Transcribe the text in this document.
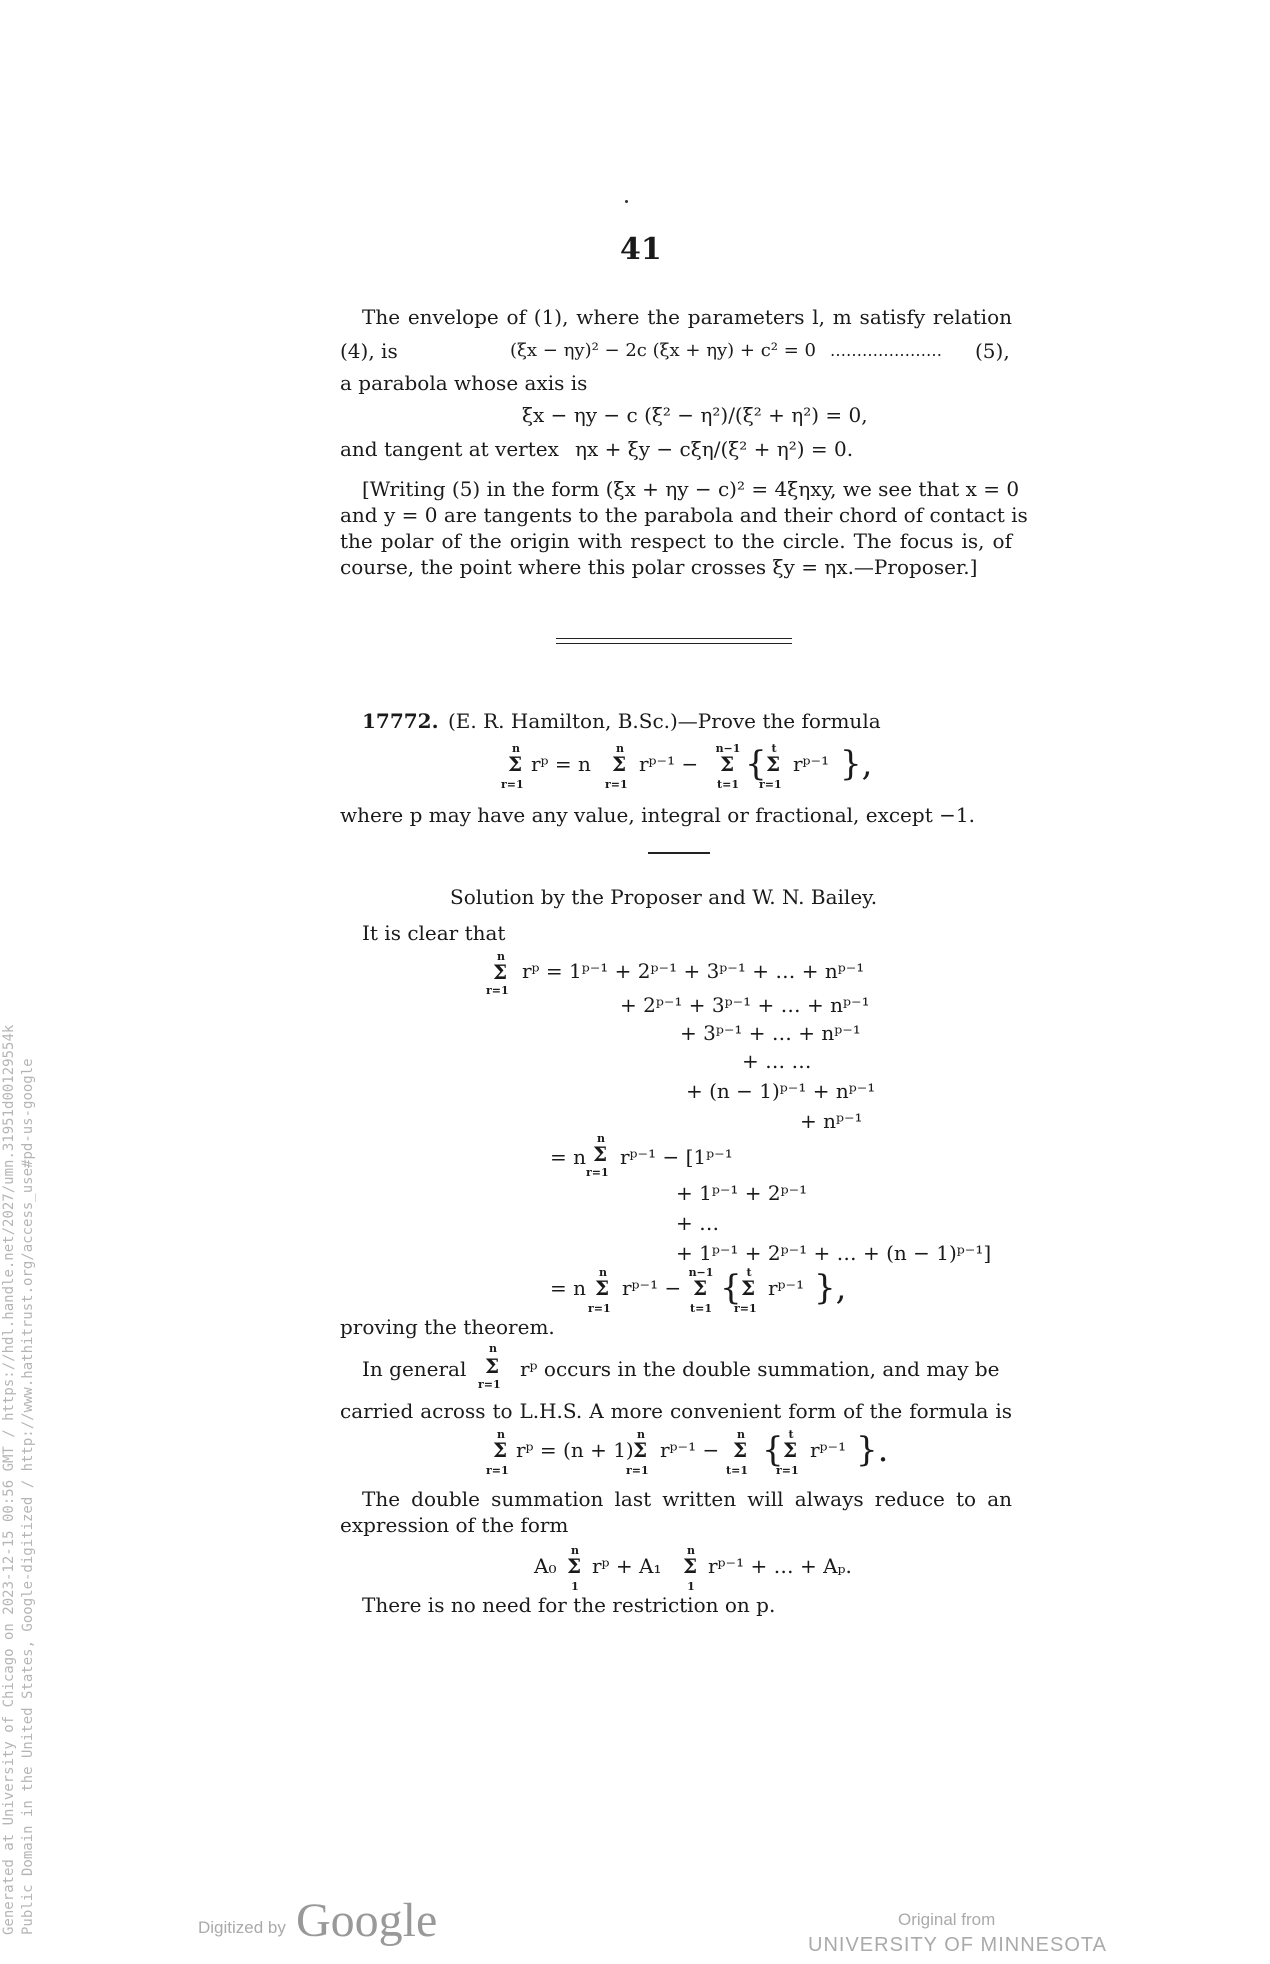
41
The envelope of (1), where the parameters l, m satisfy relation
(4), is	(ξx − ηy)² − 2c (ξx + ηy) + c² = 0 ………………… (5),
a parabola whose axis is
ξx − ηy − c (ξ² − η²)/(ξ² + η²) = 0,
and tangent at vertex ηx + ξy − cξη/(ξ² + η²) = 0.
[Writing (5) in the form (ξx + ηy − c)² = 4ξηxy, we see that x = 0
and y = 0 are tangents to the parabola and their chord of contact is
the polar of the origin with respect to the circle. The focus is, of
course, the point where this polar crosses ξy = ηx.—Proposer.]
17772. (E. R. Hamilton, B.Sc.)—Prove the formula
n
Σ
r=1
rᵖ = n
n
Σ
r=1
rᵖ⁻¹ −
n−1
Σ
t=1
{ t
Σ
r=1
rᵖ⁻¹ },
where p may have any value, integral or fractional, except −1.
Solution by the Proposer and W. N. Bailey.
It is clear that
n
Σ
r=1
rᵖ = 1ᵖ⁻¹ + 2ᵖ⁻¹ + 3ᵖ⁻¹ + … + nᵖ⁻¹
+ 2ᵖ⁻¹ + 3ᵖ⁻¹ + … + nᵖ⁻¹
+ 3ᵖ⁻¹ + … + nᵖ⁻¹
+ … …
+ (n − 1)ᵖ⁻¹ + nᵖ⁻¹
+ nᵖ⁻¹
= n
n
Σ
r=1
rᵖ⁻¹ − [1ᵖ⁻¹
+ 1ᵖ⁻¹ + 2ᵖ⁻¹
+ …
+ 1ᵖ⁻¹ + 2ᵖ⁻¹ + … + (n − 1)ᵖ⁻¹]
= n
n
Σ
r=1
rᵖ⁻¹ −
n−1
Σ
t=1
{ t
Σ
r=1
rᵖ⁻¹ },
proving the theorem.
In general
n
Σ
r=1
rᵖ occurs in the double summation, and may be
carried across to L.H.S. A more convenient form of the formula is
n
Σ
r=1
rᵖ = (n + 1)
n
Σ
r=1
rᵖ⁻¹ −
n
Σ
t=1
{ t
Σ
r=1
rᵖ⁻¹ }.
The double summation last written will always reduce to an
expression of the form
A₀
n
Σ
1
rᵖ + A₁
n
Σ
1
rᵖ⁻¹ + … + Aₚ.
There is no need for the restriction on p.
Generated at University of Chicago on 2023-12-15 00:56 GMT / https://hdl.handle.net/2027/umn.31951d00129554k Public Domain in the United States, Google-digitized / http://www.hathitrust.org/access_use#pd-us-google	Digitized by Google	Original from
UNIVERSITY OF MINNESOTA
